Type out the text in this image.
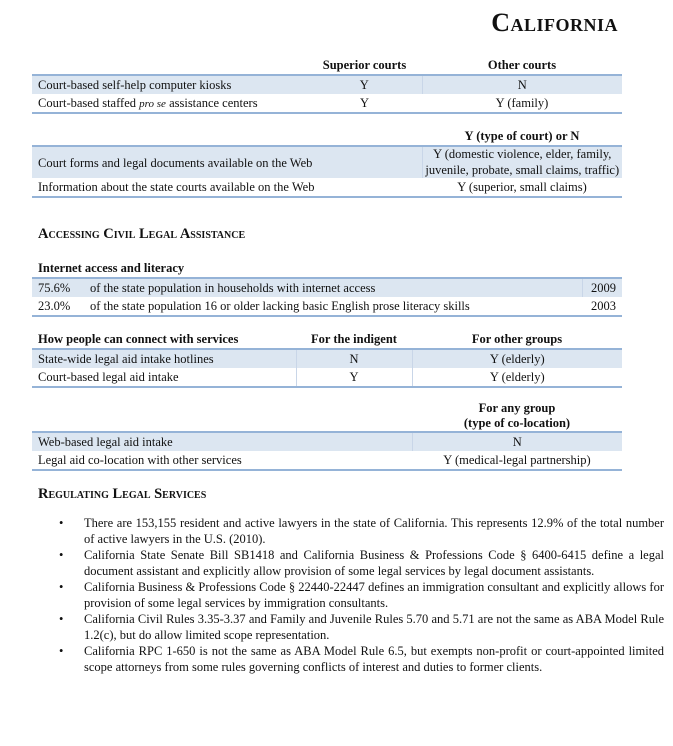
California
	Superior courts	Other courts
Court-based self-help computer kiosks	Y	N
Court-based staffed pro se assistance centers	Y	Y (family)
	Y (type of court) or N
Court forms and legal documents available on the Web	Y (domestic violence, elder, family, juvenile, probate, small claims, traffic)
Information about the state courts available on the Web	Y (superior, small claims)
Accessing Civil Legal Assistance
Internet access and literacy		
75.6%	of the state population in households with internet access	2009
23.0%	of the state population 16 or older lacking basic English prose literacy skills	2003
How people can connect with services	For the indigent	For other groups
State-wide legal aid intake hotlines	N	Y (elderly)
Court-based legal aid intake	Y	Y (elderly)

	For any group
(type of co-location)

Web-based legal aid intake	N
Legal aid co-location with other services	Y (medical-legal partnership)
Regulating Legal Services
• There are 153,155 resident and active lawyers in the state of California. This represents 12.9% of the total number of active lawyers in the U.S. (2010).
• California State Senate Bill SB1418 and California Business & Professions Code § 6400-6415 define a legal document assistant and explicitly allow provision of some legal services by legal document assistants.
• California Business & Professions Code § 22440-22447 defines an immigration consultant and explicitly allows for provision of some legal services by immigration consultants.
• California Civil Rules 3.35-3.37 and Family and Juvenile Rules 5.70 and 5.71 are not the same as ABA Model Rule 1.2(c), but do allow limited scope representation.
• California RPC 1-650 is not the same as ABA Model Rule 6.5, but exempts non-profit or court-appointed limited scope attorneys from some rules governing conflicts of interest and duties to former clients.
